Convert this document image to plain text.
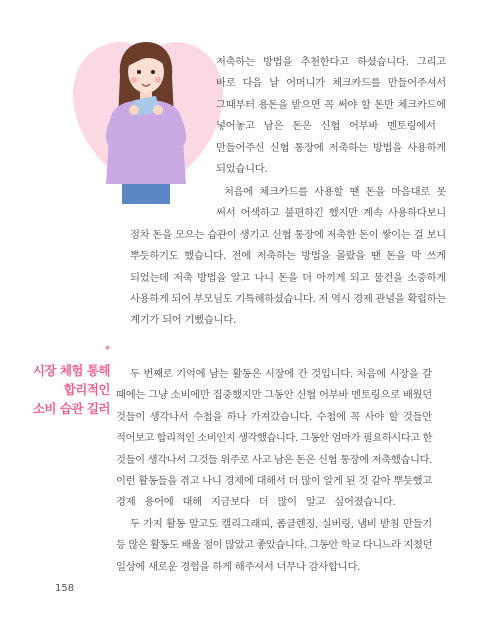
저축하는 방법을 추천한다고 하셨습니다. 그리고
바로 다음 날 어머니가 체크카드를 만들어주셔서
그때부터 용돈을 받으면 꼭 써야 할 돈만 체크카드에
넣어놓고 남은 돈은 신협 어부바 멘토링에서
만들어주신 신협 통장에 저축하는 방법을 사용하게
되었습니다.
처음에 체크카드를 사용할 땐 돈을 마음대로 못
써서 어색하고 불편하긴 했지만 계속 사용하다보니
점차 돈을 모으는 습관이 생기고 신협 통장에 저축한 돈이 쌓이는 걸 보니
뿌듯하기도 했습니다. 전에 저축하는 방법을 몰랐을 땐 돈을 막 쓰게
되었는데 저축 방법을 알고 나니 돈을 더 아끼게 되고 물건을 소중하게
사용하게 되어 부모님도 기특해하셨습니다. 저 역시 경제 관념을 확립하는
계기가 되어 기뻤습니다.
*
시장 체험 통해
합리적인
소비 습관 길러
두 번째로 기억에 남는 활동은 시장에 간 것입니다. 처음에 시장을 갈
때에는 그냥 소비에만 집중했지만 그동안 신협 어부바 멘토링으로 배웠던
것들이 생각나서 수첩을 하나 가져갔습니다. 수첩에 꼭 사야 할 것들만
적어보고 합리적인 소비인지 생각했습니다. 그동안 엄마가 필요하시다고 한
것들이 생각나서 그것들 위주로 사고 남은 돈은 신협 통장에 저축했습니다.
이런 활동들을 겪고 나니 경제에 대해서 더 많이 알게 된 것 같아 뿌듯했고
경제 용어에 대해 지금보다 더 많이 알고 싶어졌습니다.
두 가지 활동 말고도 캘리그래피, 폼클렌징, 실버링, 냄비 받침 만들기
등 많은 활동도 배울 점이 많았고 좋았습니다. 그동안 학교 다니느라 지쳤던
일상에 새로운 경험을 하게 해주셔서 너무나 감사합니다.
158
